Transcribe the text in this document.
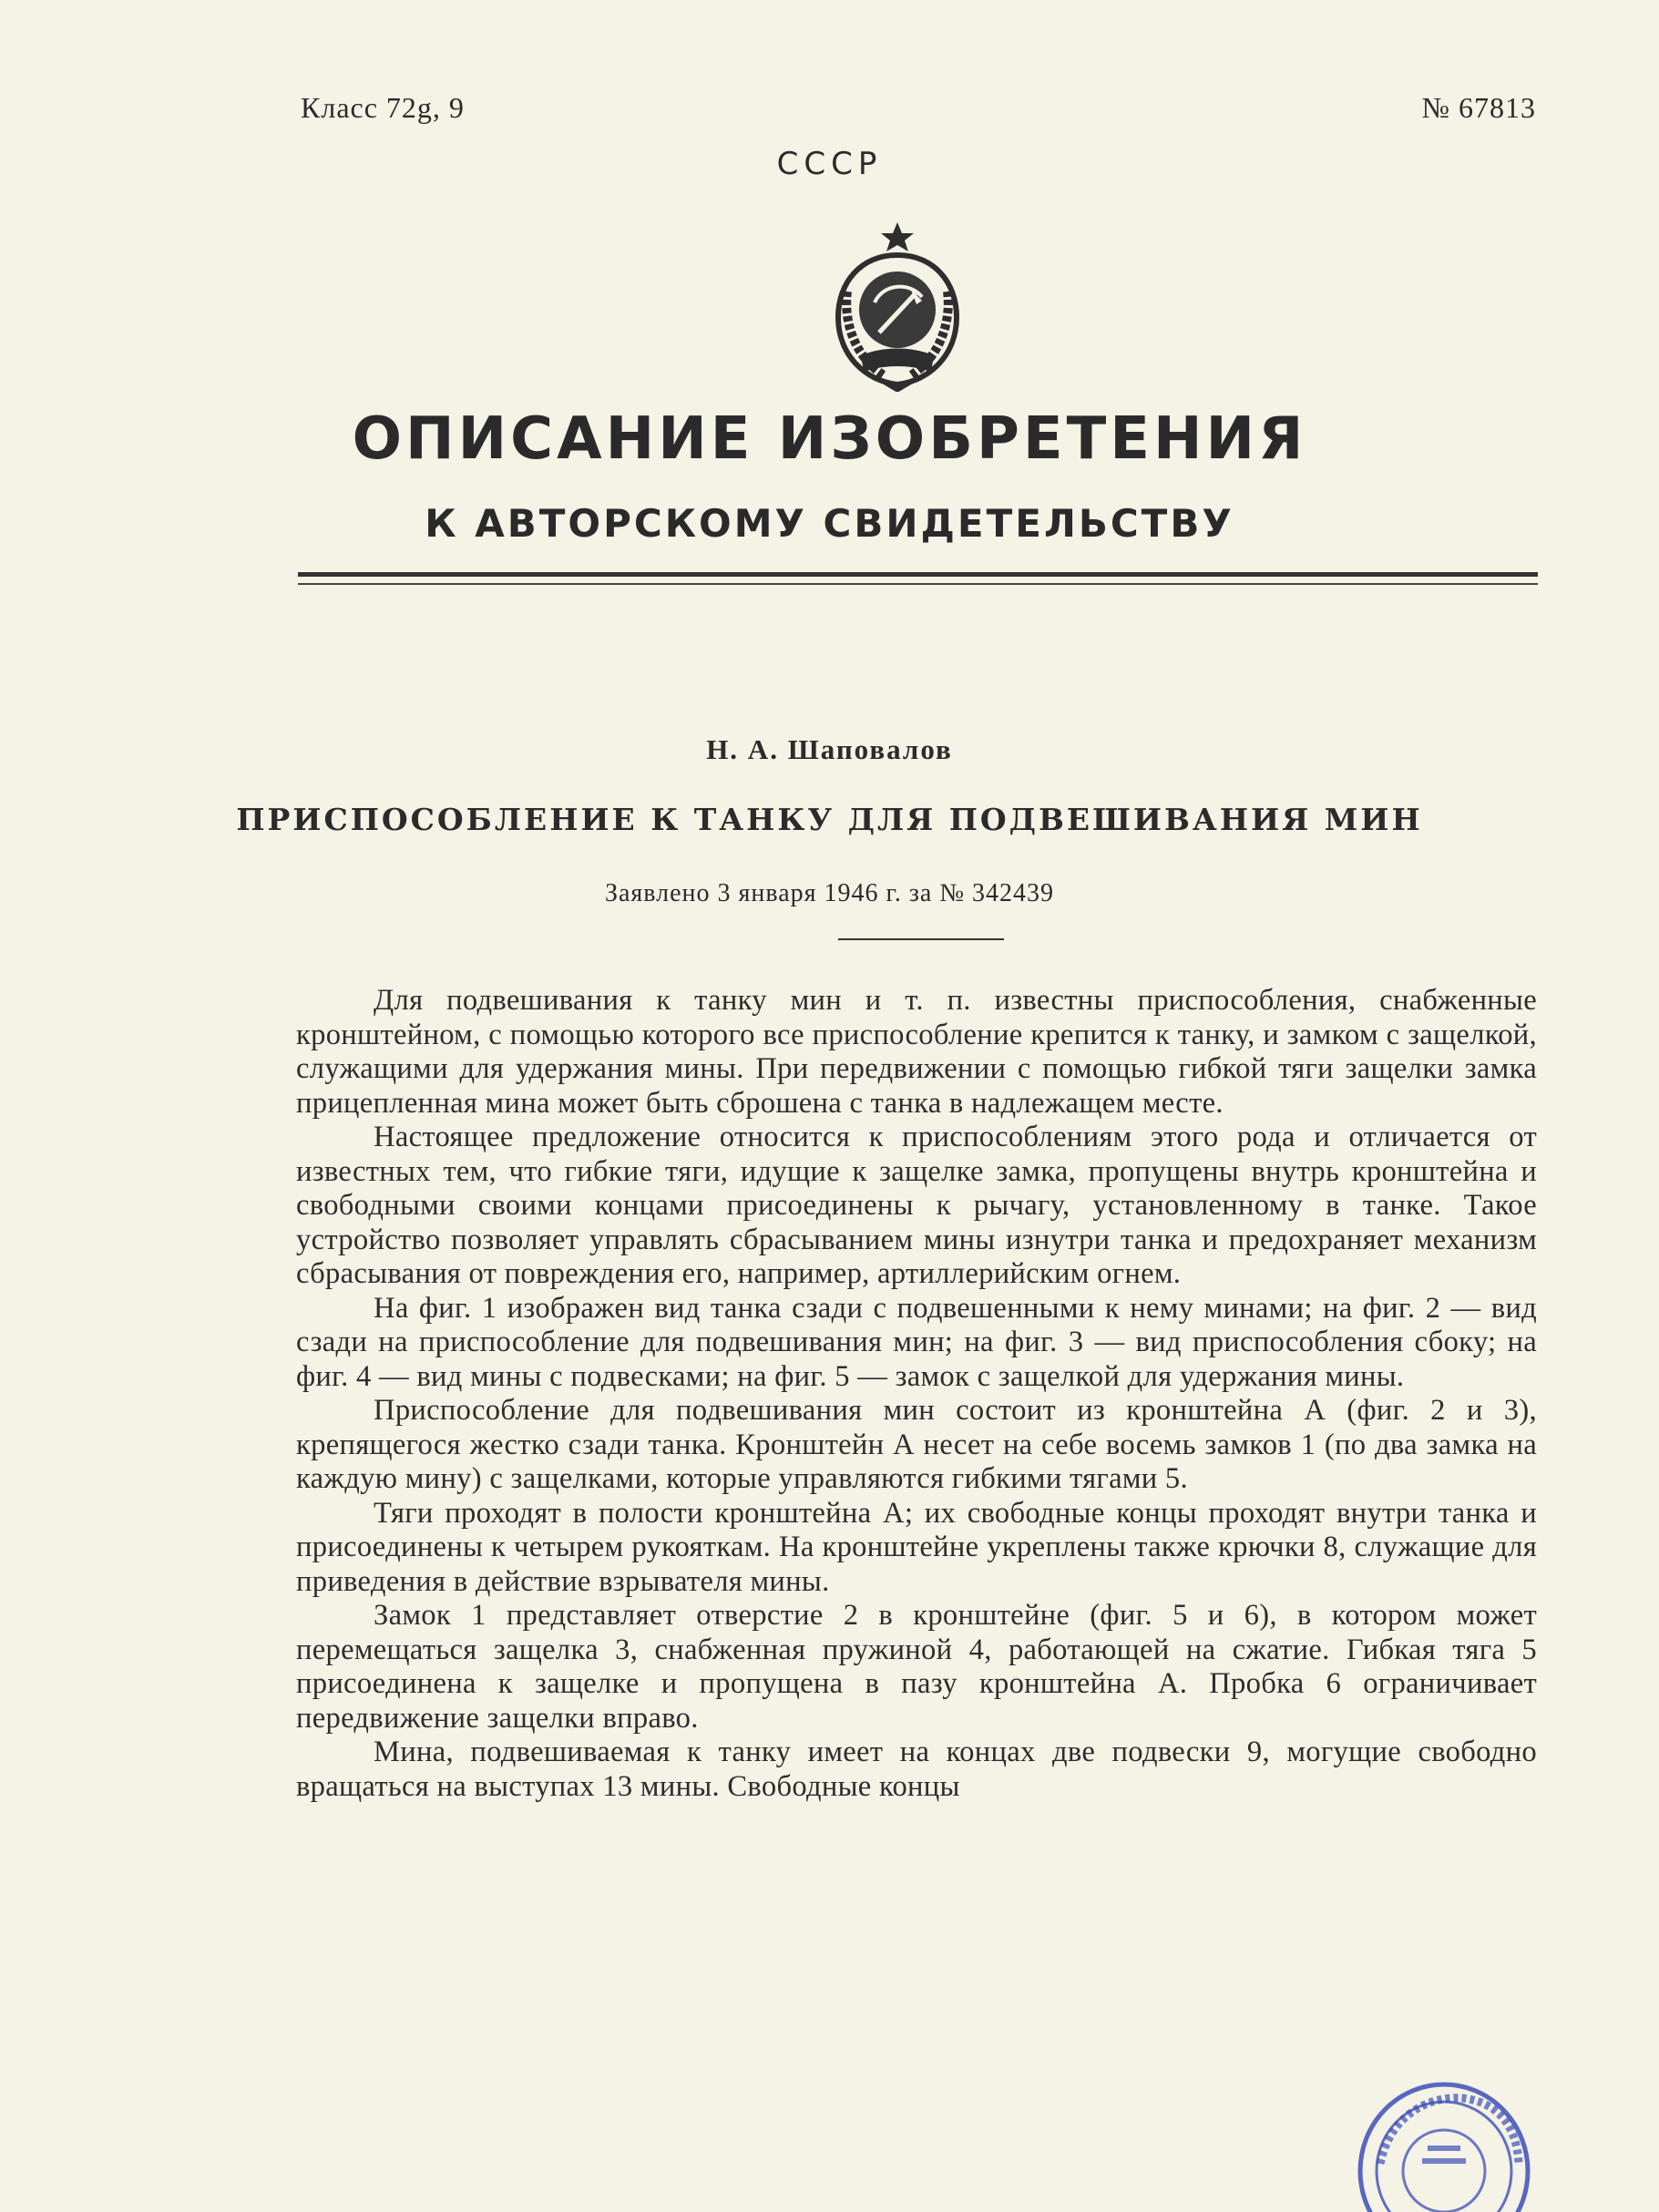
Класс 72g, 9	№ 67813
СССР
ОПИСАНИЕ ИЗОБРЕТЕНИЯ
К АВТОРСКОМУ СВИДЕТЕЛЬСТВУ
Н. А. Шаповалов
ПРИСПОСОБЛЕНИЕ К ТАНКУ ДЛЯ ПОДВЕШИВАНИЯ МИН
Заявлено 3 января 1946 г. за № 342439

Для подвешивания к танку мин и т. п. известны приспособления, снабженные кронштейном, с помощью которого все приспособление крепится к танку, и замком с защелкой, служащими для удержания мины. При передвижении с помощью гибкой тяги защелки замка прицепленная мина может быть сброшена с танка в надлежащем месте.

Настоящее предложение относится к приспособлениям этого рода и отличается от известных тем, что гибкие тяги, идущие к защелке замка, пропущены внутрь кронштейна и свободными своими концами присоединены к рычагу, установленному в танке. Такое устройство позволяет управлять сбрасыванием мины изнутри танка и предохраняет механизм сбрасывания от повреждения его, например, артиллерийским огнем.

На фиг. 1 изображен вид танка сзади с подвешенными к нему минами; на фиг. 2 — вид сзади на приспособление для подвешивания мин; на фиг. 3 — вид приспособления сбоку; на фиг. 4 — вид мины с подвесками; на фиг. 5 — замок с защелкой для удержания мины.

Приспособление для подвешивания мин состоит из кронштейна А (фиг. 2 и 3), крепящегося жестко сзади танка. Кронштейн А несет на себе восемь замков 1 (по два замка на каждую мину) с защелками, которые управляются гибкими тягами 5.

Тяги проходят в полости кронштейна А; их свободные концы проходят внутри танка и присоединены к четырем рукояткам. На кронштейне укреплены также крючки 8, служащие для приведения в действие взрывателя мины.

Замок 1 представляет отверстие 2 в кронштейне (фиг. 5 и 6), в котором может перемещаться защелка 3, снабженная пружиной 4, работающей на сжатие. Гибкая тяга 5 присоединена к защелке и пропущена в пазу кронштейна А. Пробка 6 ограничивает передвижение защелки вправо.

Мина, подвешиваемая к танку имеет на концах две подвески 9, могущие свободно вращаться на выступах 13 мины. Свободные концы
